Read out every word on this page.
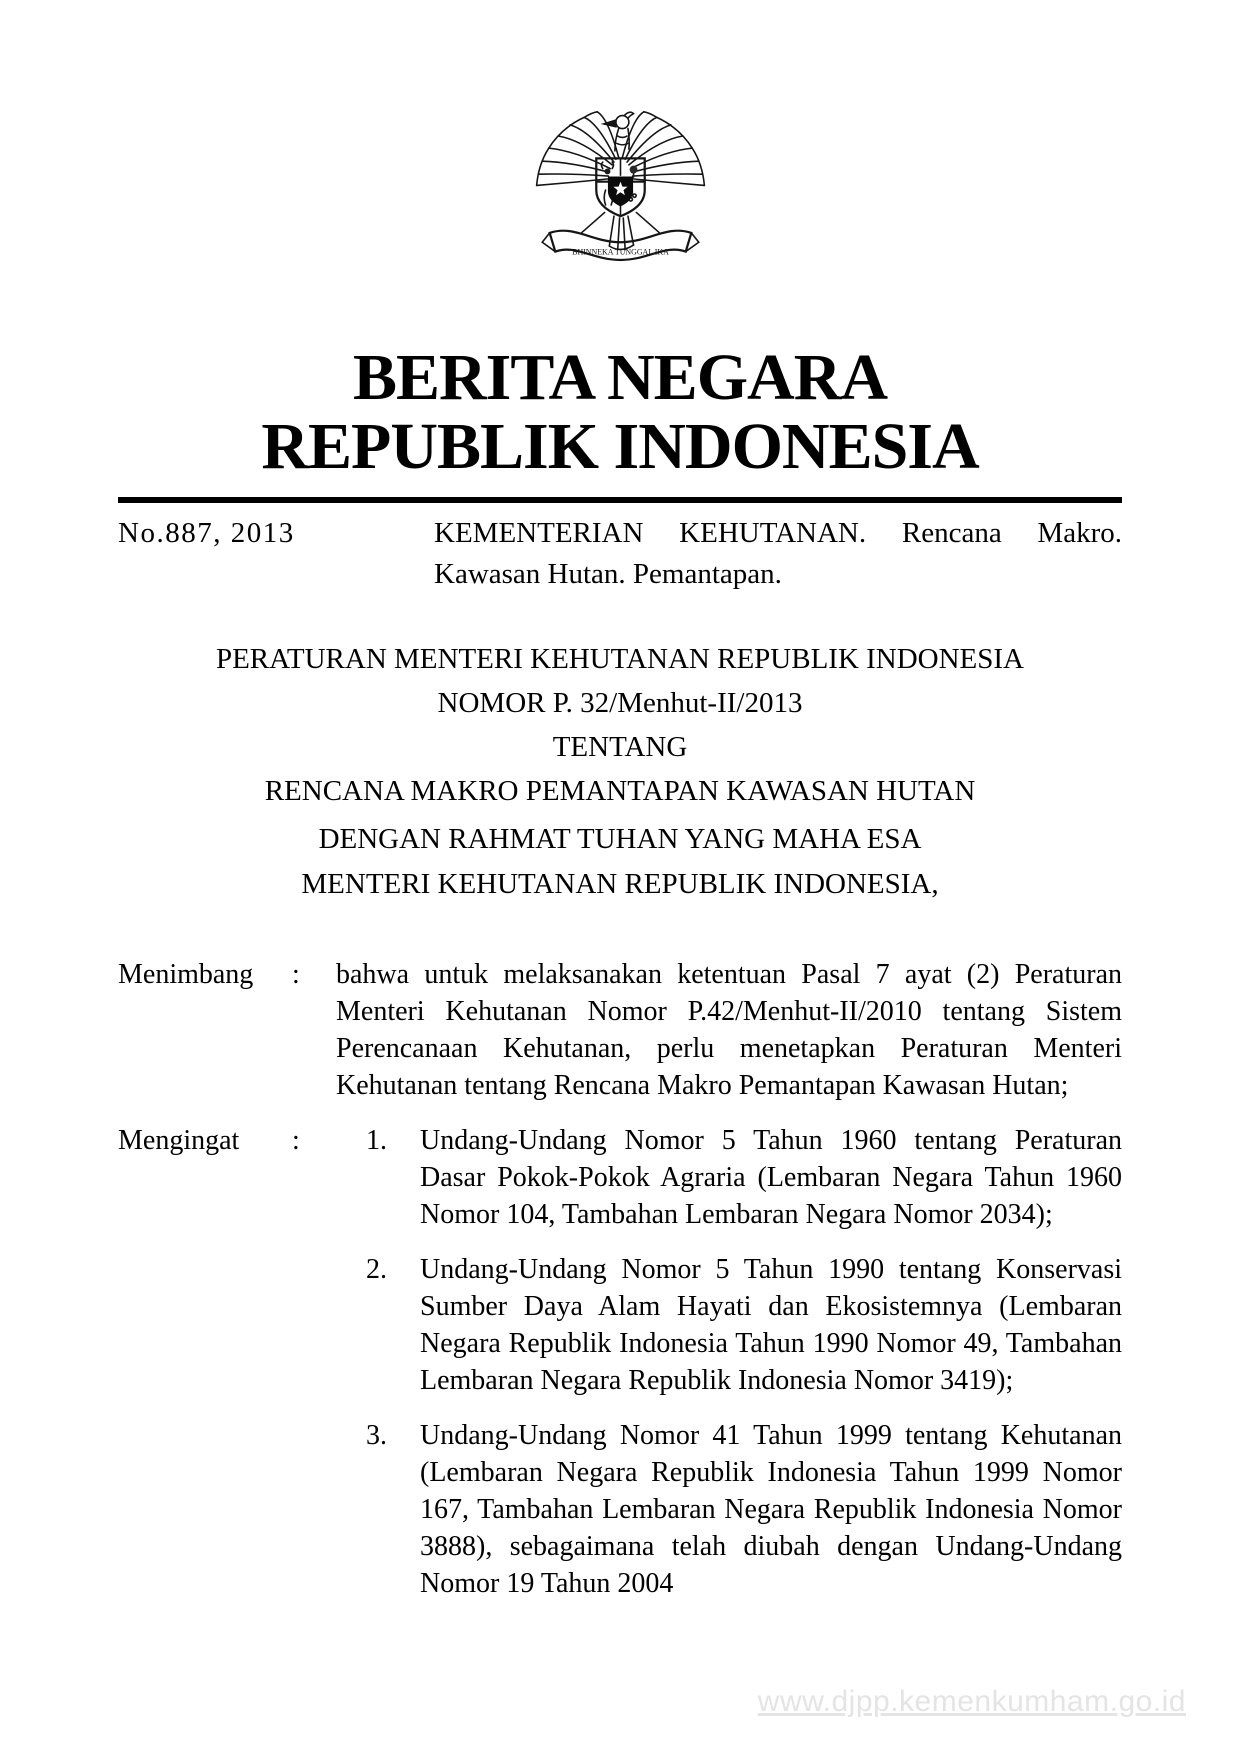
BHINNEKA TUNGGAL IKA
BERITA NEGARA
REPUBLIK INDONESIA
No.887, 2013	KEMENTERIAN KEHUTANAN. Rencana Makro.
Kawasan Hutan. Pemantapan.
PERATURAN MENTERI KEHUTANAN REPUBLIK INDONESIA
NOMOR P. 32/Menhut-II/2013
TENTANG
RENCANA MAKRO PEMANTAPAN KAWASAN HUTAN
DENGAN RAHMAT TUHAN YANG MAHA ESA
MENTERI KEHUTANAN REPUBLIK INDONESIA,
Menimbang	:	bahwa untuk melaksanakan ketentuan Pasal 7 ayat (2) Peraturan Menteri Kehutanan Nomor P.42/Menhut-II/2010 tentang Sistem Perencanaan Kehutanan, perlu menetapkan Peraturan Menteri Kehutanan tentang Rencana Makro Pemantapan Kawasan Hutan;
Mengingat	:	1.	Undang-Undang Nomor 5 Tahun 1960 tentang Peraturan Dasar Pokok-Pokok Agraria (Lembaran Negara Tahun 1960 Nomor 104, Tambahan Lembaran Negara Nomor 2034);
2.	Undang-Undang Nomor 5 Tahun 1990 tentang Konservasi Sumber Daya Alam Hayati dan Ekosistemnya (Lembaran Negara Republik Indonesia Tahun 1990 Nomor 49, Tambahan Lembaran Negara Republik Indonesia Nomor 3419);
3.	Undang-Undang Nomor 41 Tahun 1999 tentang Kehutanan (Lembaran Negara Republik Indonesia Tahun 1999 Nomor 167, Tambahan Lembaran Negara Republik Indonesia Nomor 3888), sebagaimana telah diubah dengan Undang-Undang Nomor 19 Tahun 2004
www.djpp.kemenkumham.go.id
